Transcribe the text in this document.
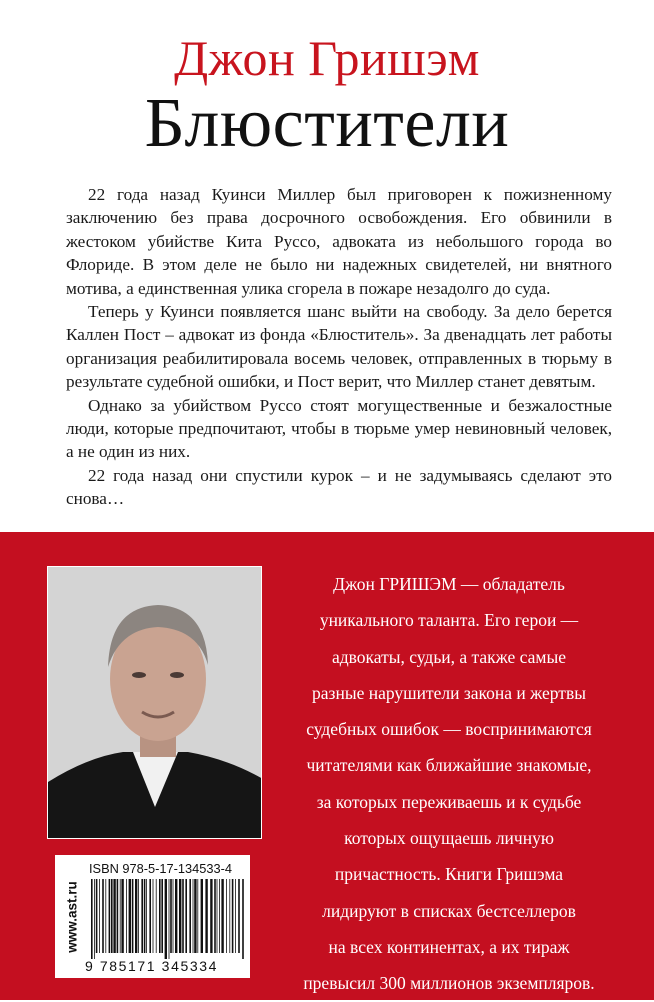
Джон Гришэм
Блюстители

22 года назад Куинси Миллер был приговорен к пожизненному заключению без права досрочного освобождения. Его обвинили в жестоком убийстве Кита Руссо, адвоката из небольшого города во Флориде. В этом деле не было ни надежных свидетелей, ни внятного мотива, а единственная улика сгорела в пожаре незадолго до суда.

Теперь у Куинси появляется шанс выйти на свободу. За дело берется Каллен Пост – адвокат из фонда «Блюститель». За двенадцать лет работы организация реабилитировала восемь человек, отправленных в тюрьму в результате судебной ошибки, и Пост верит, что Миллер станет девятым.

Однако за убийством Руссо стоят могущественные и безжалостные люди, которые предпочитают, чтобы в тюрьме умер невиновный человек, а не один из них.

22 года назад они спустили курок – и не задумываясь сделают это снова…

Джон ГРИШЭМ — обладатель
уникального таланта. Его герои —
адвокаты, судьи, а также самые
разные нарушители закона и жертвы
судебных ошибок — воспринимаются
читателями как ближайшие знакомые,
за которых переживаешь и к судьбе
которых ощущаешь личную
причастность. Книги Гришэма
лидируют в списках бестселлеров
на всех континентах, а их тираж
превысил 300 миллионов экземпляров.
www.ast.ru
ISBN 978-5-17-134533-4
9 785171 345334
